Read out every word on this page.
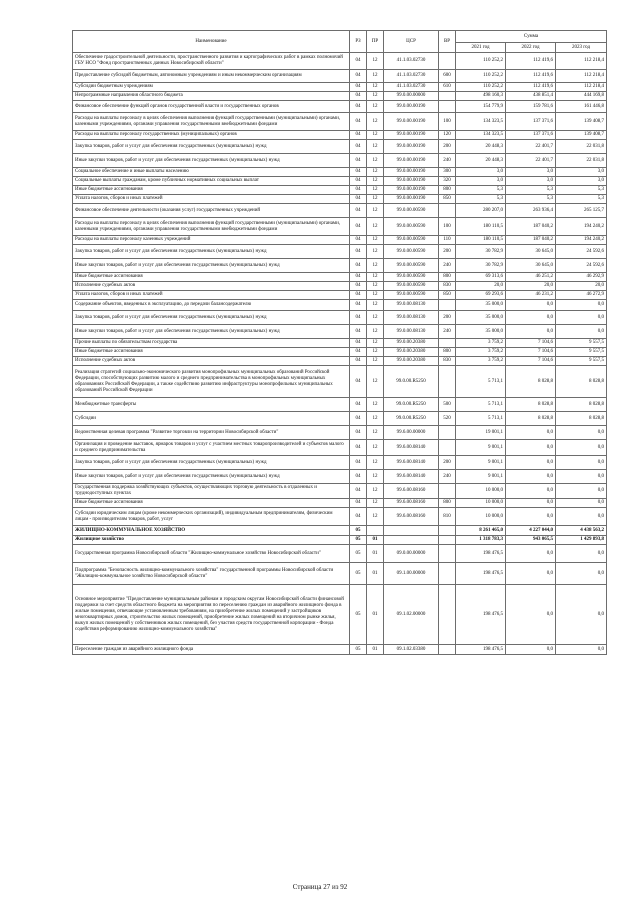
Наименование	РЗ	ПР	ЦСР	ВР	Сумма		
					2021 год	2022 год	2023 год
Обеспечение градостроительной деятельности, пространственного развития и картографических работ в рамках полномочий ГБУ НСО "Фонд пространственных данных Новосибирской области"	04	12	41.1.03.02730		110 252,2	112 419,6	112 218,4
Предоставление субсидий бюджетным, автономным учреждениям и иным некоммерческим организациям	04	12	41.1.03.02730	600	110 252,2	112 419,6	112 218,4
Субсидии бюджетным учреждениям	04	12	41.1.03.02730	610	110 252,2	112 419,6	112 218,4
Непрограммные направления областного бюджета	04	12	99.0.00.00000		498 160,3	438 851,4	444 169,8
Финансовое обеспечение функций органов государственной власти и государственных органов	04	12	99.0.00.00190		154 779,9	159 781,6	161 446,8
Расходы на выплаты персоналу в целях обеспечения выполнения функций государственными (муниципальными) органами, казенными учреждениями, органами управления государственными внебюджетными фондами	04	12	99.0.00.00190	100	134 323,5	137 371,6	139 408,7
Расходы на выплаты персоналу государственных (муниципальных) органов	04	12	99.0.00.00190	120	134 323,5	137 371,6	139 408,7
Закупка товаров, работ и услуг для обеспечения государственных (муниципальных) нужд	04	12	99.0.00.00190	200	20 448,3	22 401,7	22 031,8
Иные закупки товаров, работ и услуг для обеспечения государственных (муниципальных) нужд	04	12	99.0.00.00190	240	20 448,3	22 401,7	22 031,8
Социальное обеспечение и иные выплаты населению	04	12	99.0.00.00190	300	3,0	3,0	3,0
Социальные выплаты гражданам, кроме публичных нормативных социальных выплат	04	12	99.0.00.00190	320	3,0	3,0	3,0
Иные бюджетные ассигнования	04	12	99.0.00.00190	800	5,3	5,3	5,3
Уплата налогов, сборов и иных платежей	04	12	99.0.00.00190	850	5,3	5,3	5,3
Финансовое обеспечение деятельности (оказания услуг) государственных учреждений	04	12	99.0.00.00590		280 207,0	263 936,4	265 125,7
Расходы на выплаты персоналу в целях обеспечения выполнения функций государственными (муниципальными) органами, казенными учреждениями, органами управления государственными внебюджетными фондами	04	12	99.0.00.00590	100	180 110,5	187 040,2	194 240,2
Расходы на выплаты персоналу казенных учреждений	04	12	99.0.00.00590	110	180 110,5	187 040,2	194 240,2
Закупка товаров, работ и услуг для обеспечения государственных (муниципальных) нужд	04	12	99.0.00.00590	200	30 782,9	30 645,0	24 592,6
Иные закупки товаров, работ и услуг для обеспечения государственных (муниципальных) нужд	04	12	99.0.00.00590	240	30 782,9	30 645,0	24 592,6
Иные бюджетные ассигнования	04	12	99.0.00.00590	800	69 313,6	46 251,2	46 292,9
Исполнение судебных актов	04	12	99.0.00.00590	830	20,0	20,0	20,0
Уплата налогов, сборов и иных платежей	04	12	99.0.00.00590	850	69 293,6	46 231,2	46 272,9
Содержание объектов, введенных в эксплуатацию, до передачи балансодержателю	04	12	99.0.00.08130		35 000,0	0,0	0,0
Закупка товаров, работ и услуг для обеспечения государственных (муниципальных) нужд	04	12	99.0.00.08130	200	35 000,0	0,0	0,0
Иные закупки товаров, работ и услуг для обеспечения государственных (муниципальных) нужд	04	12	99.0.00.08130	240	35 000,0	0,0	0,0
Прочие выплаты по обязательствам государства	04	12	99.0.00.20380		3 759,2	7 104,6	9 557,5
Иные бюджетные ассигнования	04	12	99.0.00.20380	800	3 759,2	7 104,6	9 557,5
Исполнение судебных актов	04	12	99.0.00.20380	830	3 759,2	7 104,6	9 557,5
Реализация стратегий социально-экономического развития монопрофильных муниципальных образований Российской Федерации, способствующих развитию малого и среднего предпринимательства в монопрофильных муниципальных образованиях Российской Федерации, а также содействию развитию инфраструктуры монопрофильных муниципальных образований Российской Федерации	04	12	99.0.00.R5250		5 713,1	8 028,8	8 028,8
Межбюджетные трансферты	04	12	99.0.00.R5250	500	5 713,1	8 028,8	8 028,8
Субсидии	04	12	99.0.00.R5250	520	5 713,1	8 028,8	8 028,8
Ведомственная целевая программа "Развитие торговли на территории Новосибирской области"	04	12	99.6.00.00000		19 001,1	0,0	0,0
Организация и проведение выставок, ярмарок товаров и услуг с участием местных товаропроизводителей и субъектов малого и среднего предпринимательства	04	12	99.6.00.08140		9 001,1	0,0	0,0
Закупка товаров, работ и услуг для обеспечения государственных (муниципальных) нужд	04	12	99.6.00.08140	200	9 001,1	0,0	0,0
Иные закупки товаров, работ и услуг для обеспечения государственных (муниципальных) нужд	04	12	99.6.00.08140	240	9 001,1	0,0	0,0
Государственная поддержка хозяйствующих субъектов, осуществляющих торговую деятельность в отдаленных и труднодоступных пунктах	04	12	99.6.00.08160		10 000,0	0,0	0,0
Иные бюджетные ассигнования	04	12	99.6.00.08160	800	10 000,0	0,0	0,0
Субсидии юридическим лицам (кроме некоммерческих организаций), индивидуальным предпринимателям, физическим лицам - производителям товаров, работ, услуг	04	12	99.6.00.08160	810	10 000,0	0,0	0,0
ЖИЛИЩНО-КОММУНАЛЬНОЕ ХОЗЯЙСТВО	05				8 261 465,0	4 227 044,0	4 438 563,2
Жилищное хозяйство	05	01			1 318 783,3	943 065,5	1 429 893,8
Государственная программа Новосибирской области "Жилищно-коммунальное хозяйство Новосибирской области"	05	01	09.0.00.00000		198 476,5	0,0	0,0
Подпрограмма "Безопасность жилищно-коммунального хозяйства" государственной программы Новосибирской области "Жилищно-коммунальное хозяйство Новосибирской области"	05	01	09.1.00.00000		198 476,5	0,0	0,0
Основное мероприятие "Предоставление муниципальным районам и городским округам Новосибирской области финансовой поддержки за счет средств областного бюджета на мероприятия по переселению граждан из аварийного жилищного фонда в жилые помещения, отвечающие установленным требованиям, на приобретение жилых помещений у застройщиков многоквартирных домов, строительство жилых помещений, приобретение жилых помещений на вторичном рынке жилья, выкуп жилых помещений у собственников жилых помещений, без участия средств государственной корпорации - Фонда содействия реформированию жилищно-коммунального хозяйства"	05	01	09.1.02.00000		198 476,5	0,0	0,0
Переселение граждан из аварийного жилищного фонда	05	01	09.1.02.03380		198 476,5	0,0	0,0
Страница 27 из 92
